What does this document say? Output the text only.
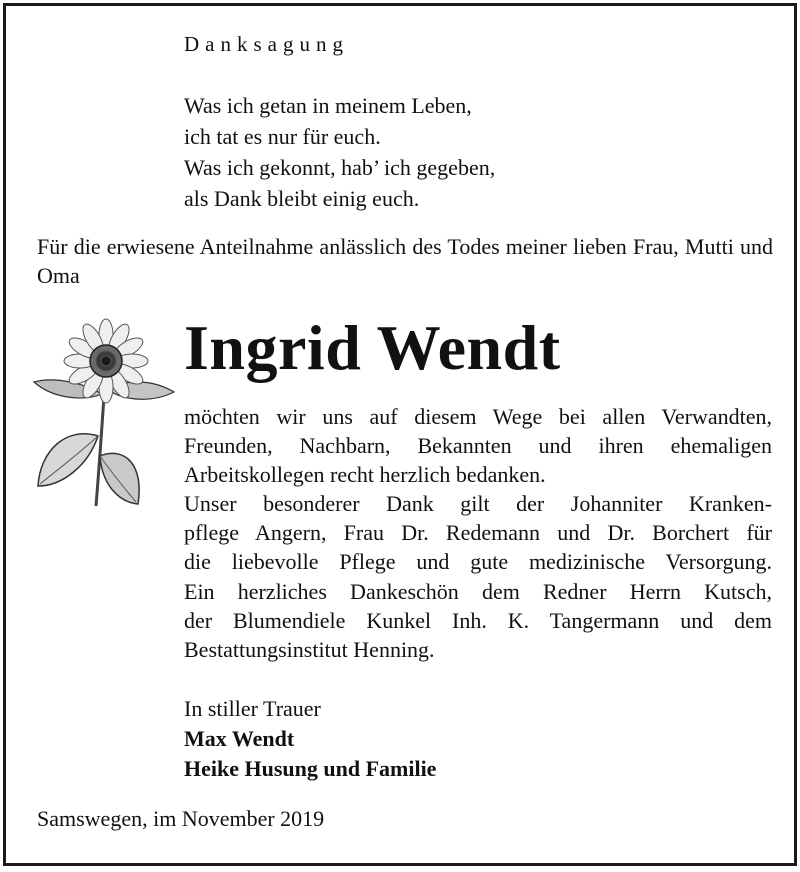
Danksagung
Was ich getan in meinem Leben,
ich tat es nur für euch.
Was ich gekonnt, hab’ ich gegeben,
als Dank bleibt einig euch.

Für die erwiesene Anteilnahme anlässlich des Todes meiner lieben Frau, Mutti und Oma

Ingrid Wendt
möchten wir uns auf diesem Wege bei allen Verwandten,
Freunden, Nachbarn, Bekannten und ihren ehemaligen
Arbeitskollegen recht herzlich bedanken.
Unser besonderer Dank gilt der Johanniter Kranken-
pflege Angern, Frau Dr. Redemann und Dr. Borchert für
die liebevolle Pflege und gute medizinische Versorgung.
Ein herzliches Dankeschön dem Redner Herrn Kutsch,
der Blumendiele Kunkel Inh. K. Tangermann und dem
Bestattungsinstitut Henning.
In stiller Trauer
Max Wendt
Heike Husung und Familie
Samswegen, im November 2019
